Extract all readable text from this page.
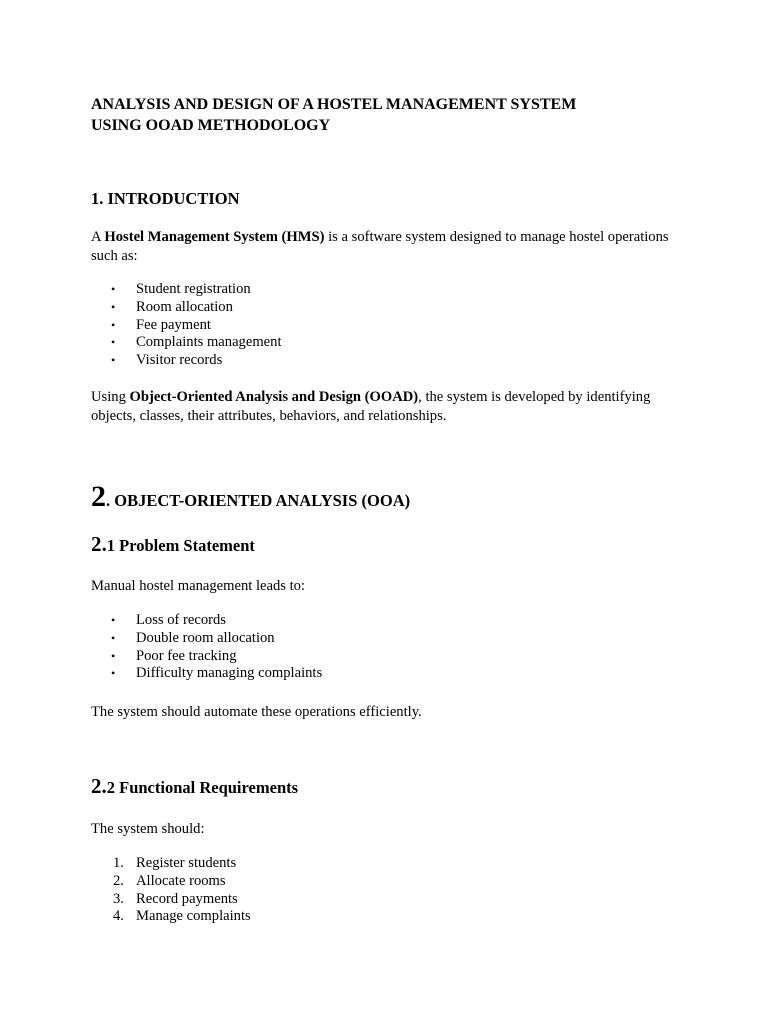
ANALYSIS AND DESIGN OF A HOSTEL MANAGEMENT SYSTEM
USING OOAD METHODOLOGY
1. INTRODUCTION
A Hostel Management System (HMS) is a software system designed to manage hostel operations such as:
• Student registration
• Room allocation
• Fee payment
• Complaints management
• Visitor records
Using Object-Oriented Analysis and Design (OOAD), the system is developed by identifying objects, classes, their attributes, behaviors, and relationships.
2. OBJECT-ORIENTED ANALYSIS (OOA)
2.1 Problem Statement
Manual hostel management leads to:
• Loss of records
• Double room allocation
• Poor fee tracking
• Difficulty managing complaints
The system should automate these operations efficiently.
2.2 Functional Requirements
The system should:
1. Register students
2. Allocate rooms
3. Record payments
4. Manage complaints
